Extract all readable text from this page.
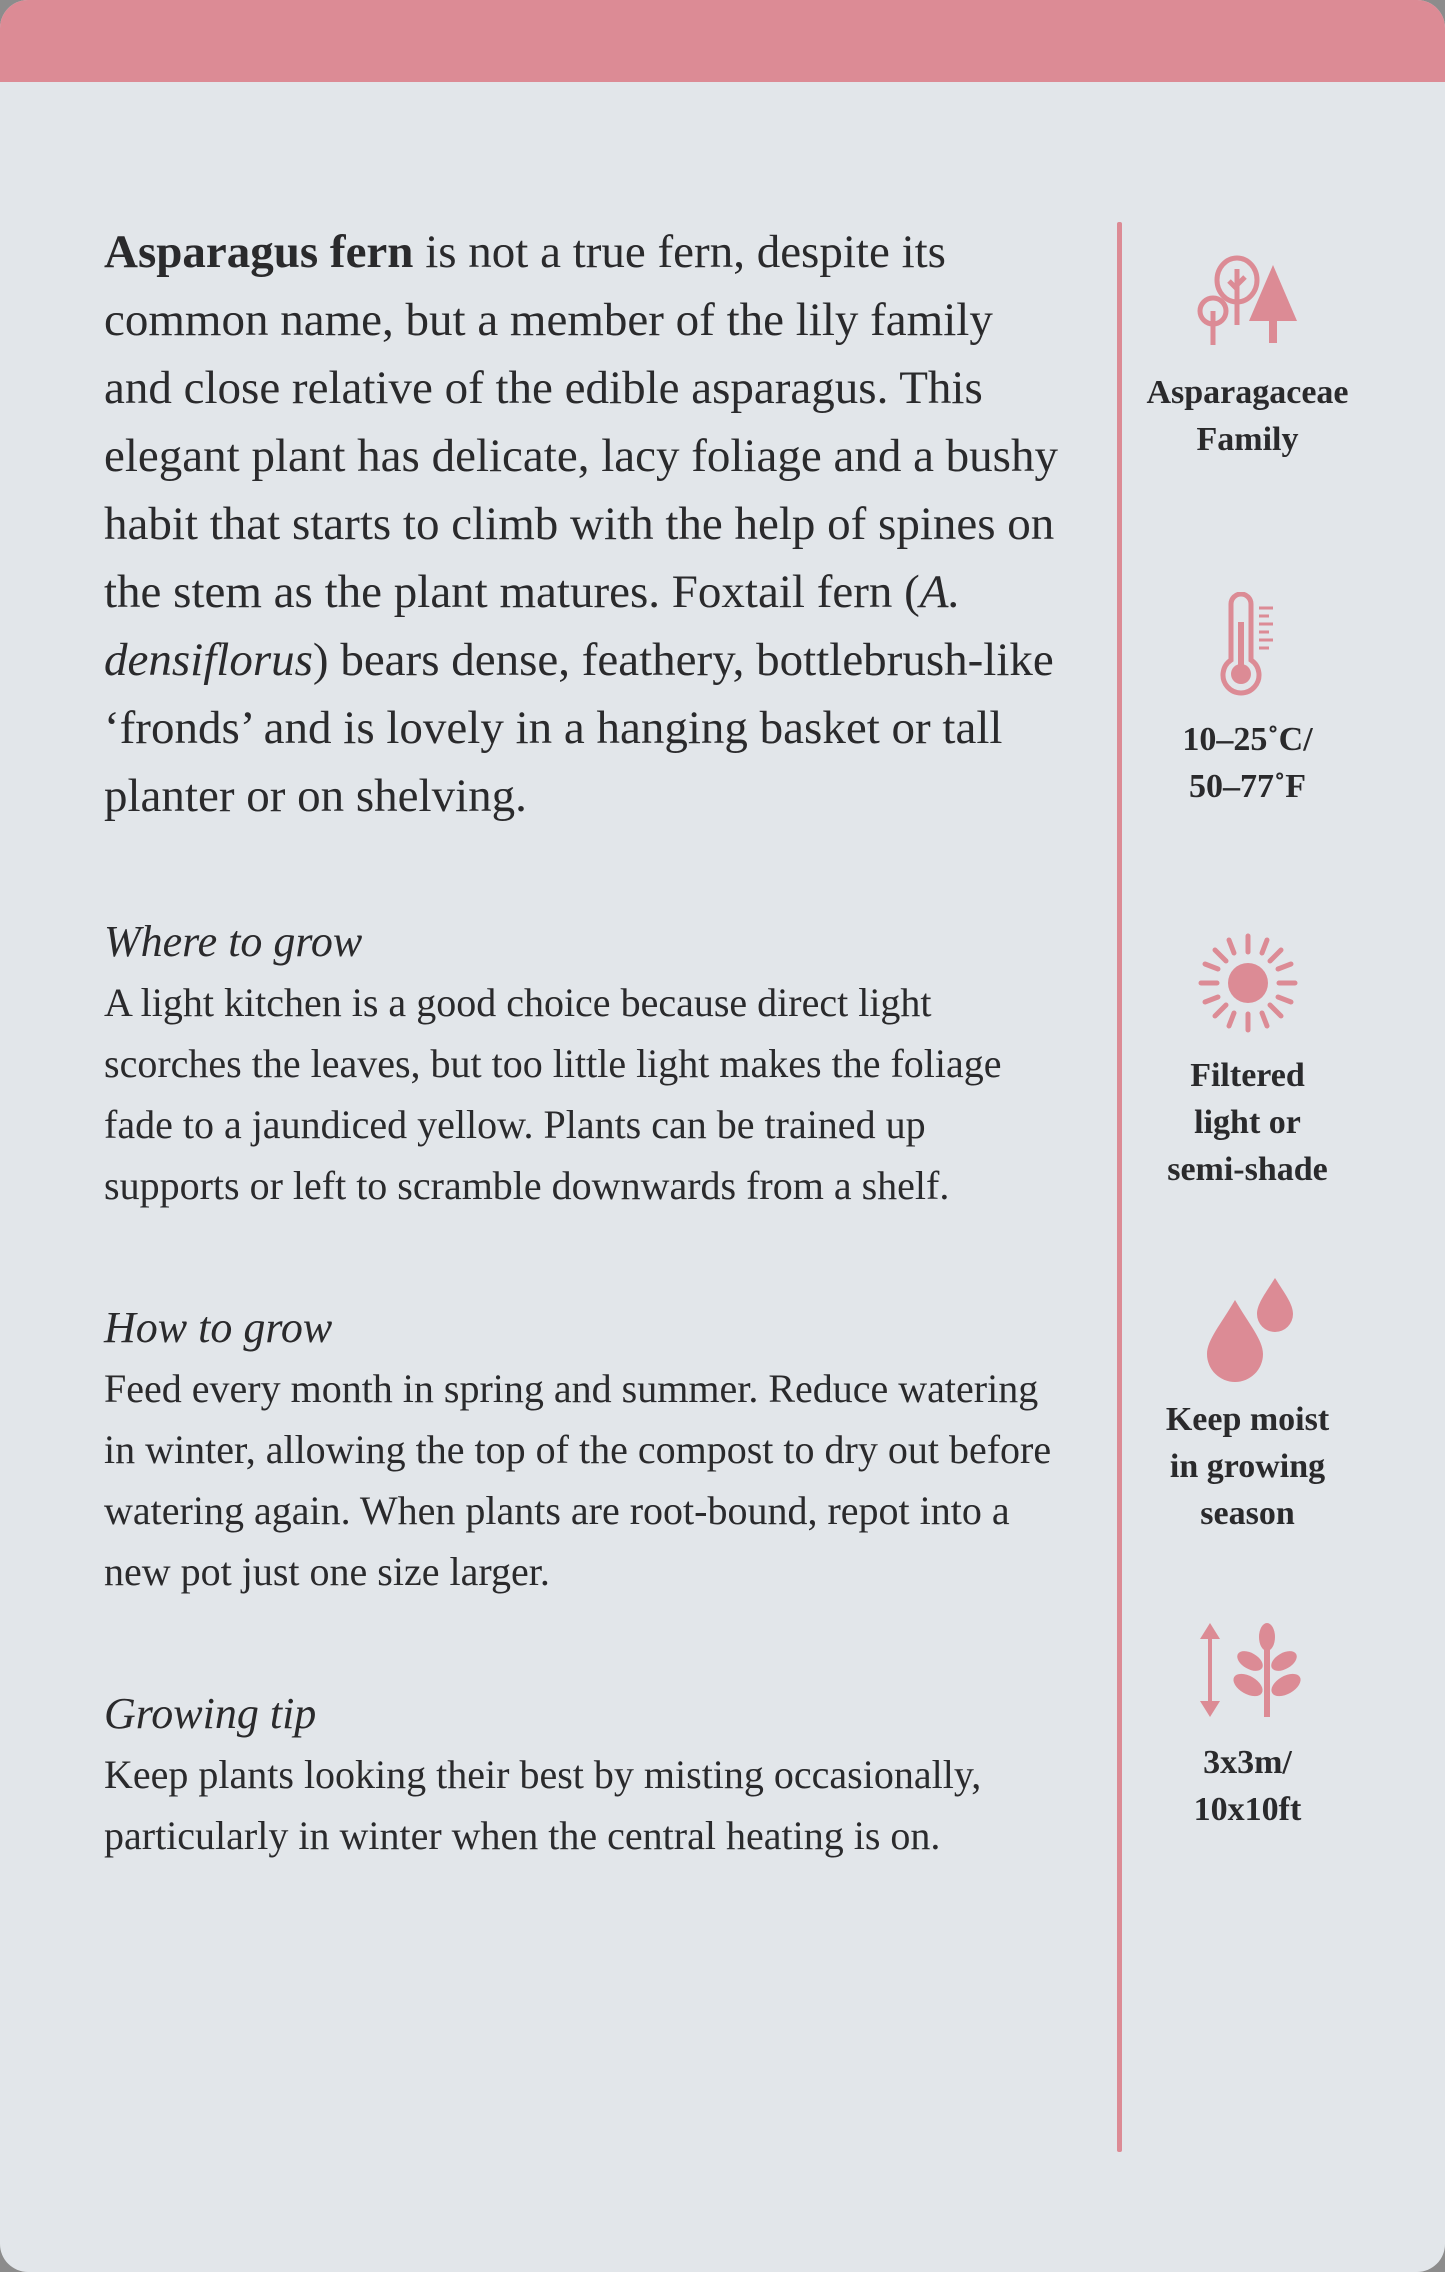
Asparagus fern is not a true fern, despite its common name, but a member of the lily family and close relative of the edible asparagus. This elegant plant has delicate, lacy foliage and a bushy habit that starts to climb with the help of spines on the stem as the plant matures. Foxtail fern (A. densiflorus) bears dense, feathery, bottlebrush-like ‘fronds’ and is lovely in a hanging basket or tall planter or on shelving.

Where to grow

A light kitchen is a good choice because direct light scorches the leaves, but too little light makes the foliage fade to a jaundiced yellow. Plants can be trained up supports or left to scramble downwards from a shelf.

How to grow

Feed every month in spring and summer. Reduce watering in winter, allowing the top of the compost to dry out before watering again. When plants are root-bound, repot into a new pot just one size larger.

Growing tip

Keep plants looking their best by misting occasionally, particularly in winter when the central heating is on.

Asparagaceae
Family
10–25˚C/
50–77˚F
Filtered
light or
semi-shade
Keep moist
in growing
season
3x3m/
10x10ft
